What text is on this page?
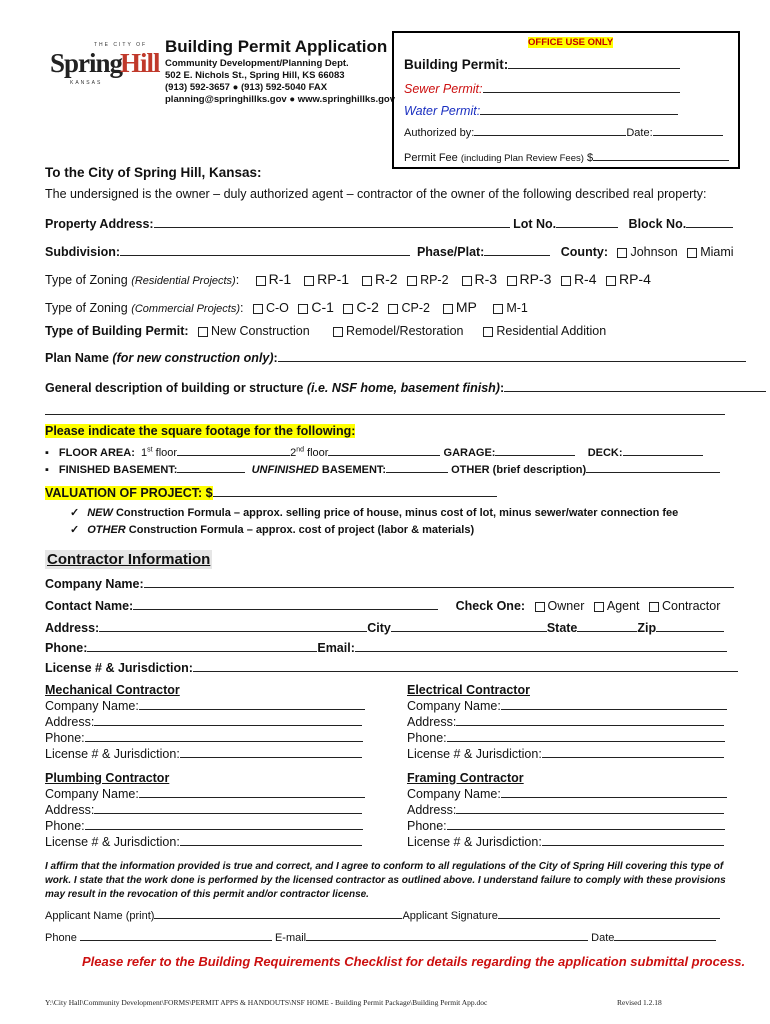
THE CITY OF
Spring
Hill
KANSAS
Building Permit Application
Community Development/Planning Dept.
502 E. Nichols St., Spring Hill, KS 66083
(913) 592-3657 ● (913) 592-5040 FAX
planning@springhillks.gov ● www.springhillks.gov
OFFICE USE ONLY
Building Permit:
Sewer Permit:
Water Permit:
Authorized by:	Date:
Permit Fee (including Plan Review Fees) $
To the City of Spring Hill, Kansas:
The undersigned is the owner – duly authorized agent – contractor of the owner of the following described real property:
Property Address:	Lot No.	Block No.
Subdivision:	Phase/Plat:	County: Johnson Miami
Type of Zoning (Residential Projects): R-1 RP-1 R-2 RP-2 R-3 RP-3 R-4 RP-4
Type of Zoning (Commercial Projects): C-O C-1 C-2 CP-2 MP M-1
Type of Building Permit: New Construction	Remodel/Restoration	Residential Addition
Plan Name (for new construction only):
General description of building or structure (i.e. NSF home, basement finish):
Please indicate the square footage for the following:
▪ FLOOR AREA: 1st floor	2nd floor	GARAGE:	DECK:
▪ FINISHED BASEMENT:	UNFINISHED BASEMENT:	OTHER (brief description)
VALUATION OF PROJECT: $
✓ NEW Construction Formula – approx. selling price of house, minus cost of lot, minus sewer/water connection fee
✓ OTHER Construction Formula – approx. cost of project (labor & materials)
Contractor Information
Company Name:
Contact Name:	Check One: Owner Agent Contractor
Address:	City	State	Zip
Phone:	Email:
License # & Jurisdiction:
Mechanical Contractor
Company Name:
Address:
Phone:
License # & Jurisdiction:
Electrical Contractor
Company Name:
Address:
Phone:
License # & Jurisdiction:
Plumbing Contractor
Company Name:
Address:
Phone:
License # & Jurisdiction:
Framing Contractor
Company Name:
Address:
Phone:
License # & Jurisdiction:
I affirm that the information provided is true and correct, and I agree to conform to all regulations of the City of Spring Hill covering this type of work. I state that the work done is performed by the licensed contractor as outlined above. I understand failure to comply with these provisions may result in the revocation of this permit and/or contractor license.
Applicant Name (print)	Applicant Signature
Phone	E-mail	Date
Please refer to the Building Requirements Checklist for details regarding the application submittal process.
Y:\City Hall\Community Development\FORMS\PERMIT APPS & HANDOUTS\NSF HOME - Building Permit Package\Building Permit App.doc	Revised 1.2.18
